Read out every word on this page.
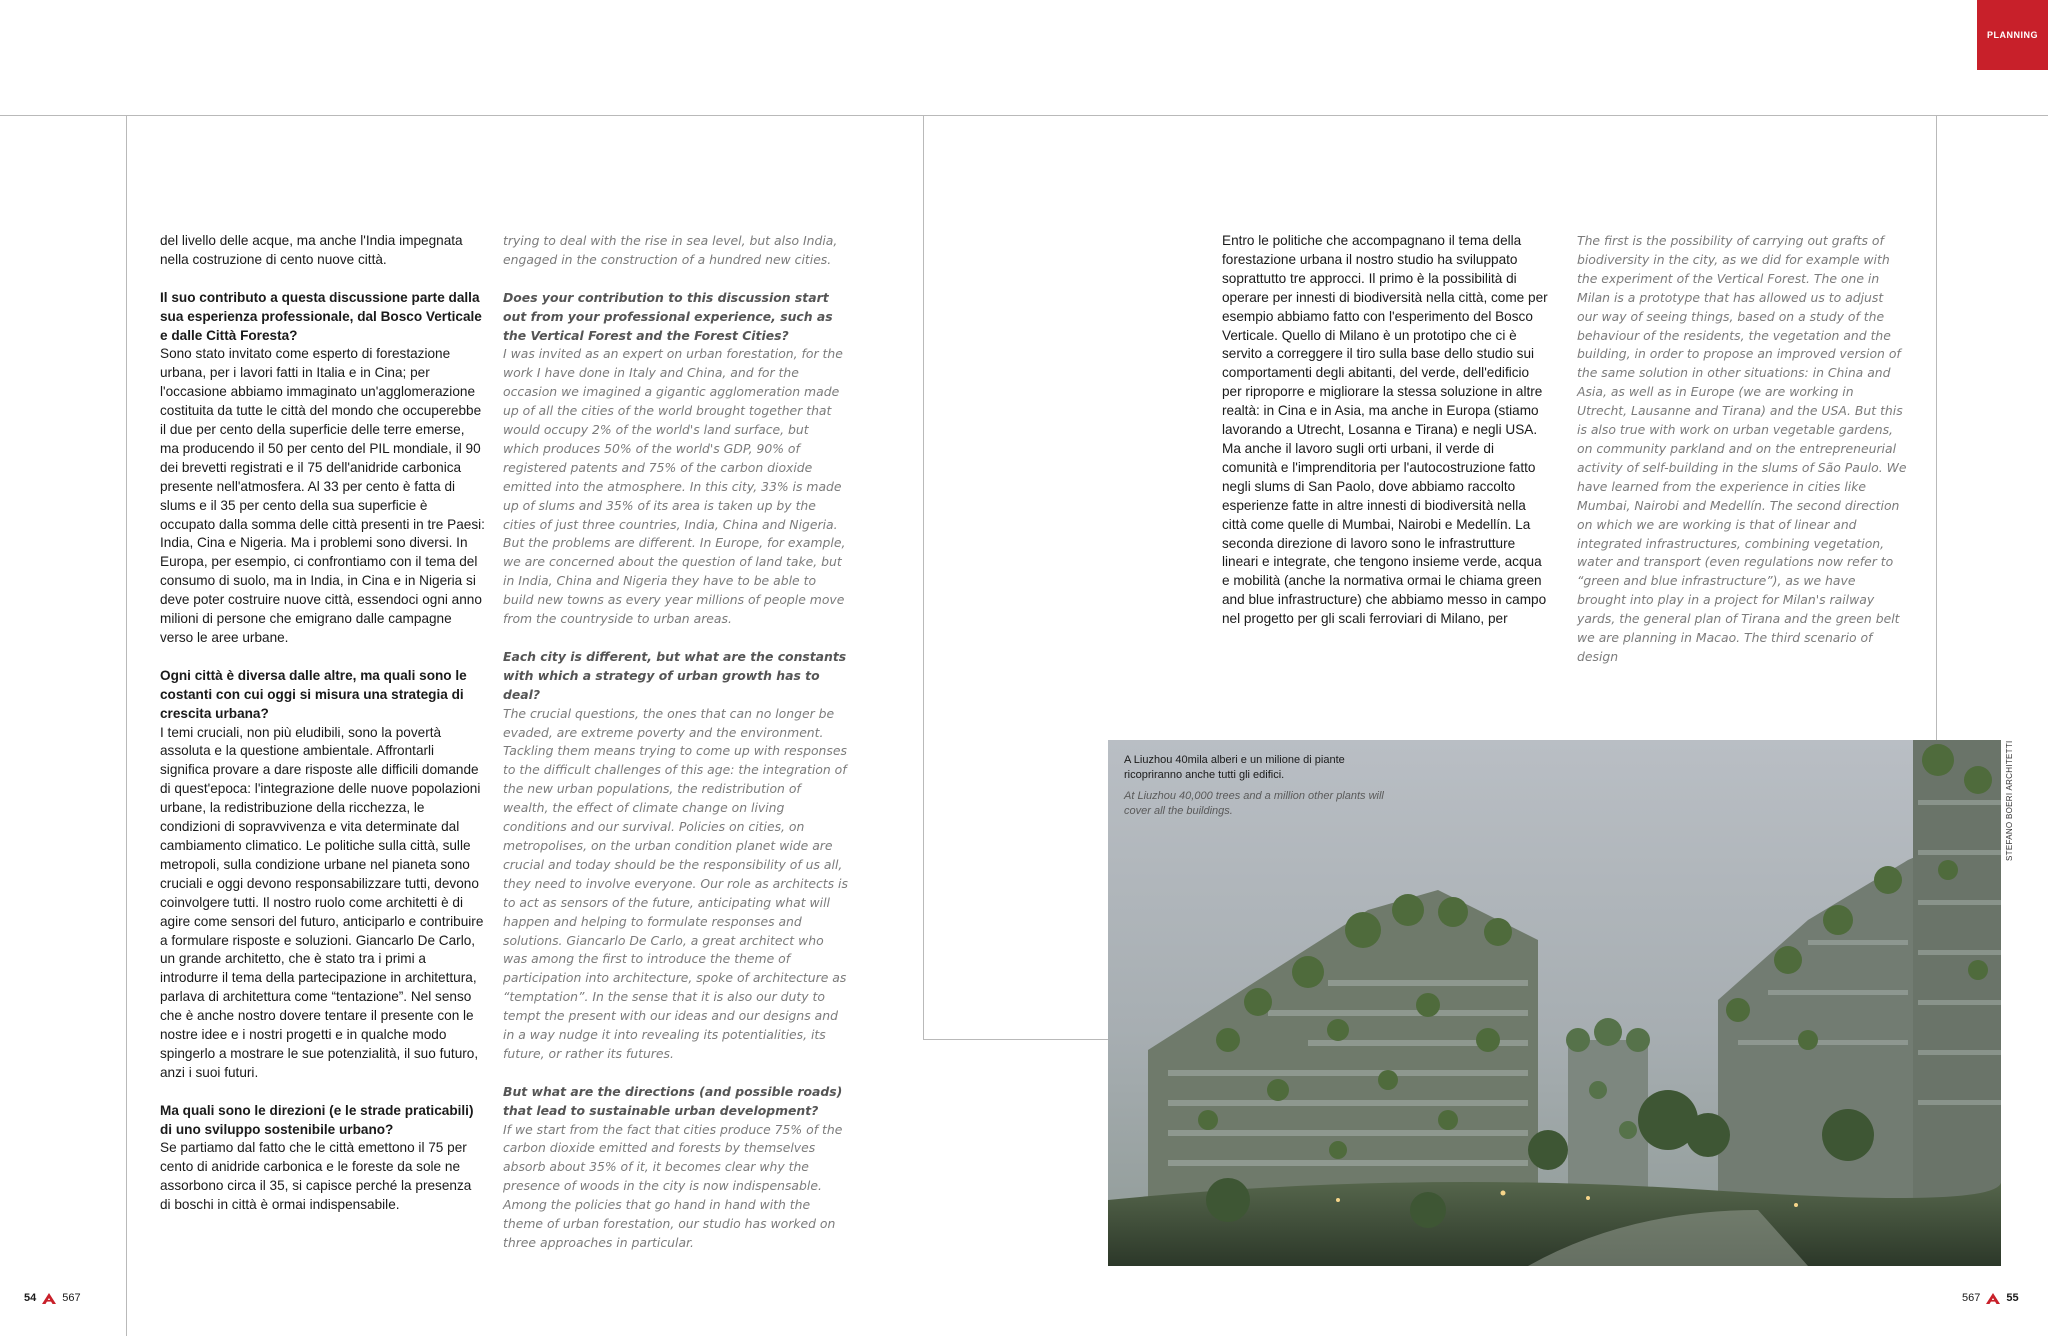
PLANNING

del livello delle acque, ma anche l'India impegnata nella costruzione di cento nuove città.

Il suo contributo a questa discussione parte dalla sua esperienza professionale, dal Bosco Verticale e dalle Città Foresta?
Sono stato invitato come esperto di forestazione urbana, per i lavori fatti in Italia e in Cina; per l'occasione abbiamo immaginato un'agglomerazione costituita da tutte le città del mondo che occuperebbe il due per cento della superficie delle terre emerse, ma producendo il 50 per cento del PIL mondiale, il 90 dei brevetti registrati e il 75 dell'anidride carbonica presente nell'atmosfera. Al 33 per cento è fatta di slums e il 35 per cento della sua superficie è occupato dalla somma delle città presenti in tre Paesi: India, Cina e Nigeria. Ma i problemi sono diversi. In Europa, per esempio, ci confrontiamo con il tema del consumo di suolo, ma in India, in Cina e in Nigeria si deve poter costruire nuove città, essendoci ogni anno milioni di persone che emigrano dalle campagne verso le aree urbane.

Ogni città è diversa dalle altre, ma quali sono le costanti con cui oggi si misura una strategia di crescita urbana?
I temi cruciali, non più eludibili, sono la povertà assoluta e la questione ambientale. Affrontarli significa provare a dare risposte alle difficili domande di quest'epoca: l'integrazione delle nuove popolazioni urbane, la redistribuzione della ricchezza, le condizioni di sopravvivenza e vita determinate dal cambiamento climatico. Le politiche sulla città, sulle metropoli, sulla condizione urbane nel pianeta sono cruciali e oggi devono responsabilizzare tutti, devono coinvolgere tutti. Il nostro ruolo come architetti è di agire come sensori del futuro, anticiparlo e contribuire a formulare risposte e soluzioni. Giancarlo De Carlo, un grande architetto, che è stato tra i primi a introdurre il tema della partecipazione in architettura, parlava di architettura come “tentazione”. Nel senso che è anche nostro dovere tentare il presente con le nostre idee e i nostri progetti e in qualche modo spingerlo a mostrare le sue potenzialità, il suo futuro, anzi i suoi futuri.

Ma quali sono le direzioni (e le strade praticabili) di uno sviluppo sostenibile urbano?
Se partiamo dal fatto che le città emettono il 75 per cento di anidride carbonica e le foreste da sole ne assorbono circa il 35, si capisce perché la presenza di boschi in città è ormai indispensabile.

trying to deal with the rise in sea level, but also India, engaged in the construction of a hundred new cities.

Does your contribution to this discussion start out from your professional experience, such as the Vertical Forest and the Forest Cities?
I was invited as an expert on urban forestation, for the work I have done in Italy and China, and for the occasion we imagined a gigantic agglomeration made up of all the cities of the world brought together that would occupy 2% of the world's land surface, but which produces 50% of the world's GDP, 90% of registered patents and 75% of the carbon dioxide emitted into the atmosphere. In this city, 33% is made up of slums and 35% of its area is taken up by the cities of just three countries, India, China and Nigeria. But the problems are different. In Europe, for example, we are concerned about the question of land take, but in India, China and Nigeria they have to be able to build new towns as every year millions of people move from the countryside to urban areas.

Each city is different, but what are the constants with which a strategy of urban growth has to deal?
The crucial questions, the ones that can no longer be evaded, are extreme poverty and the environment. Tackling them means trying to come up with responses to the difficult challenges of this age: the integration of the new urban populations, the redistribution of wealth, the effect of climate change on living conditions and our survival. Policies on cities, on metropolises, on the urban condition planet wide are crucial and today should be the responsibility of us all, they need to involve everyone. Our role as architects is to act as sensors of the future, anticipating what will happen and helping to formulate responses and solutions. Giancarlo De Carlo, a great architect who was among the first to introduce the theme of participation into architecture, spoke of architecture as “temptation”. In the sense that it is also our duty to tempt the present with our ideas and our designs and in a way nudge it into revealing its potentialities, its future, or rather its futures.

But what are the directions (and possible roads) that lead to sustainable urban development?
If we start from the fact that cities produce 75% of the carbon dioxide emitted and forests by themselves absorb about 35% of it, it becomes clear why the presence of woods in the city is now indispensable. Among the policies that go hand in hand with the theme of urban forestation, our studio has worked on three approaches in particular.

Entro le politiche che accompagnano il tema della forestazione urbana il nostro studio ha sviluppato soprattutto tre approcci. Il primo è la possibilità di operare per innesti di biodiversità nella città, come per esempio abbiamo fatto con l'esperimento del Bosco Verticale. Quello di Milano è un prototipo che ci è servito a correggere il tiro sulla base dello studio sui comportamenti degli abitanti, del verde, dell'edificio per riproporre e migliorare la stessa soluzione in altre realtà: in Cina e in Asia, ma anche in Europa (stiamo lavorando a Utrecht, Losanna e Tirana) e negli USA. Ma anche il lavoro sugli orti urbani, il verde di comunità e l'imprenditoria per l'autocostruzione fatto negli slums di San Paolo, dove abbiamo raccolto esperienze fatte in altre innesti di biodiversità nella città come quelle di Mumbai, Nairobi e Medellín. La seconda direzione di lavoro sono le infrastrutture lineari e integrate, che tengono insieme verde, acqua e mobilità (anche la normativa ormai le chiama green and blue infrastructure) che abbiamo messo in campo nel progetto per gli scali ferroviari di Milano, per

The first is the possibility of carrying out grafts of biodiversity in the city, as we did for example with the experiment of the Vertical Forest. The one in Milan is a prototype that has allowed us to adjust our way of seeing things, based on a study of the behaviour of the residents, the vegetation and the building, in order to propose an improved version of the same solution in other situations: in China and Asia, as well as in Europe (we are working in Utrecht, Lausanne and Tirana) and the USA. But this is also true with work on urban vegetable gardens, on community parkland and on the entrepreneurial activity of self-building in the slums of São Paulo. We have learned from the experience in cities like Mumbai, Nairobi and Medellín. The second direction on which we are working is that of linear and integrated infrastructures, combining vegetation, water and transport (even regulations now refer to “green and blue infrastructure”), as we have brought into play in a project for Milan's railway yards, the general plan of Tirana and the green belt we are planning in Macao. The third scenario of design

A Liuzhou 40mila alberi e un milione di piante ricopriranno anche tutti gli edifici.
At Liuzhou 40,000 trees and a million other plants will cover all the buildings.	STEFANO BOERI ARCHITETTI
54 567	567 55
